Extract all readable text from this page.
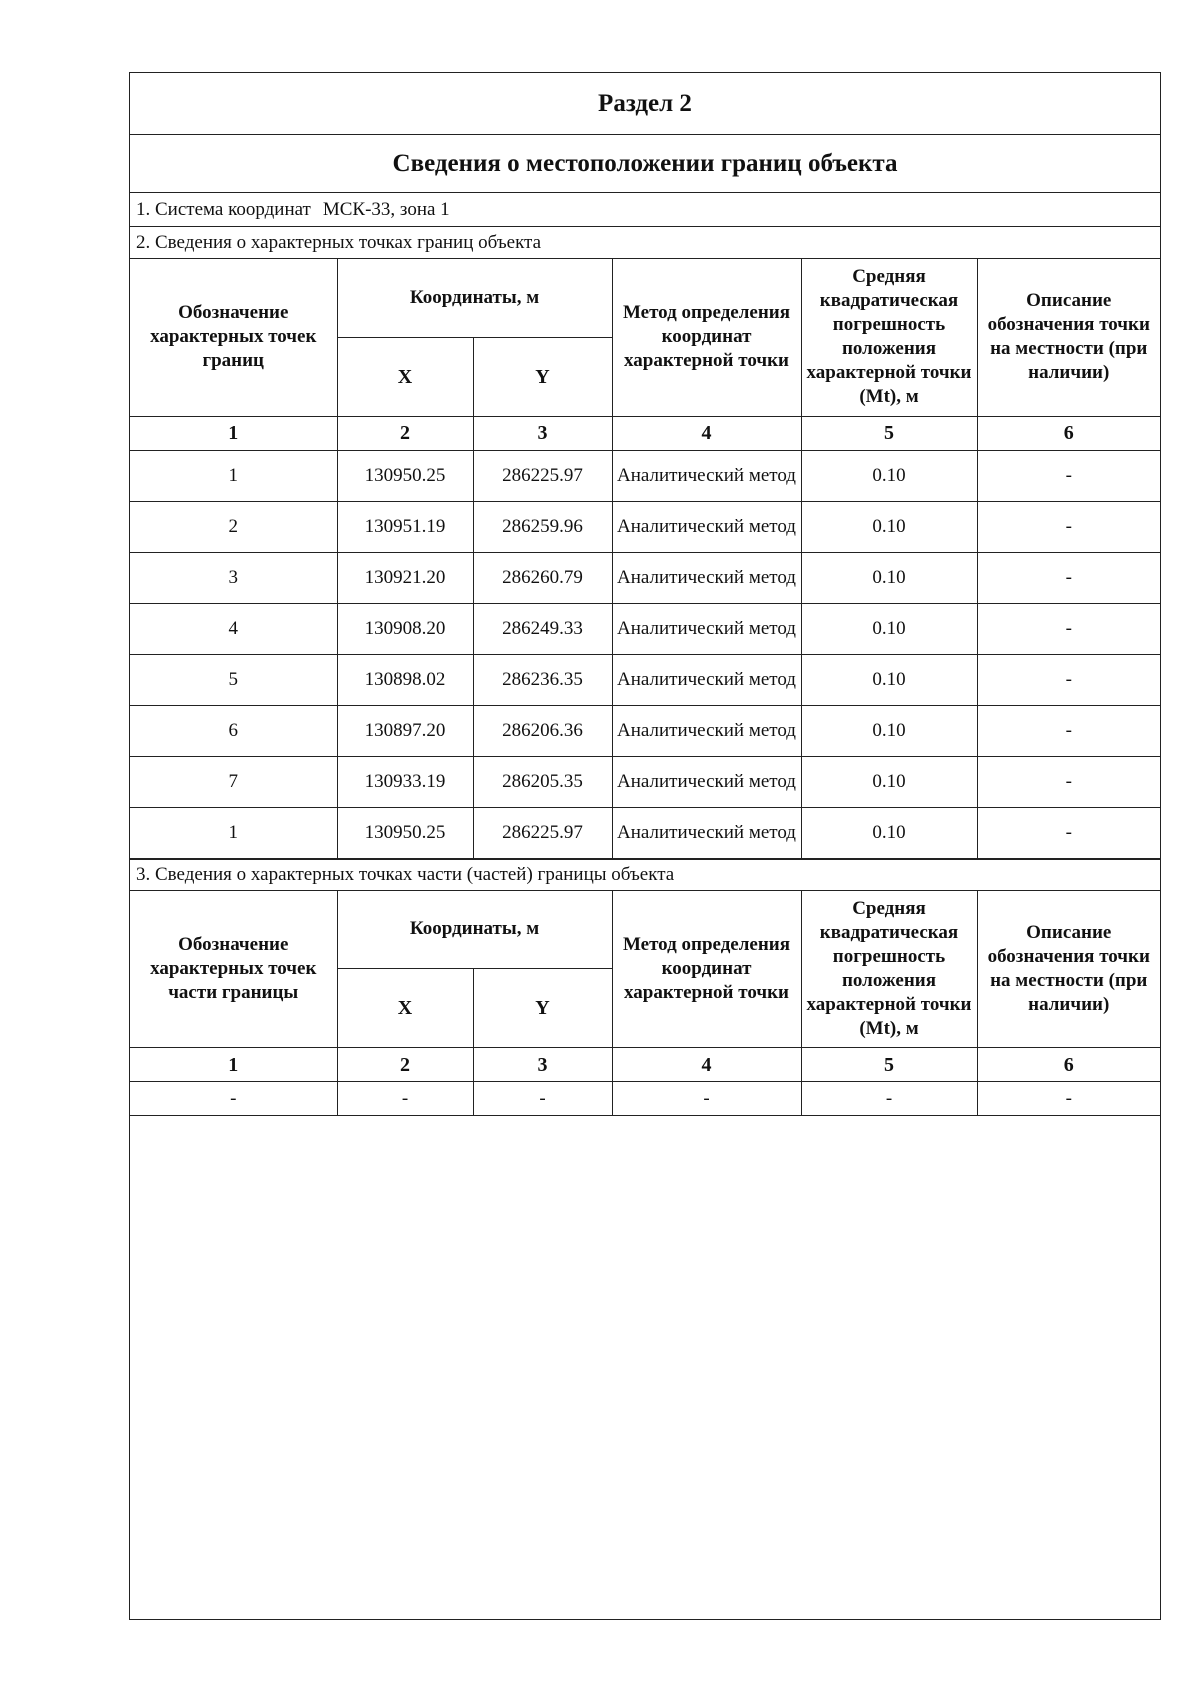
Раздел 2
Сведения о местоположении границ объекта
1. Система координат МСК-33, зона 1
2. Сведения о характерных точках границ объекта
Обозначение характерных точек границ	Координаты, м		Метод определения координат характерной точки	Средняя квадратическая погрешность положения характерной точки (Mt), м	Описание обозначения точки на местности (при наличии)
	X	Y			
1	2	3	4	5	6
1	130950.25	286225.97	Аналитический метод	0.10	-
2	130951.19	286259.96	Аналитический метод	0.10	-
3	130921.20	286260.79	Аналитический метод	0.10	-
4	130908.20	286249.33	Аналитический метод	0.10	-
5	130898.02	286236.35	Аналитический метод	0.10	-
6	130897.20	286206.36	Аналитический метод	0.10	-
7	130933.19	286205.35	Аналитический метод	0.10	-
1	130950.25	286225.97	Аналитический метод	0.10	-
3. Сведения о характерных точках части (частей) границы объекта
Обозначение характерных точек части границы	Координаты, м		Метод определения координат характерной точки	Средняя квадратическая погрешность положения характерной точки (Mt), м	Описание обозначения точки на местности (при наличии)
	X	Y			
1	2	3	4	5	6
-	-	-	-	-	-
